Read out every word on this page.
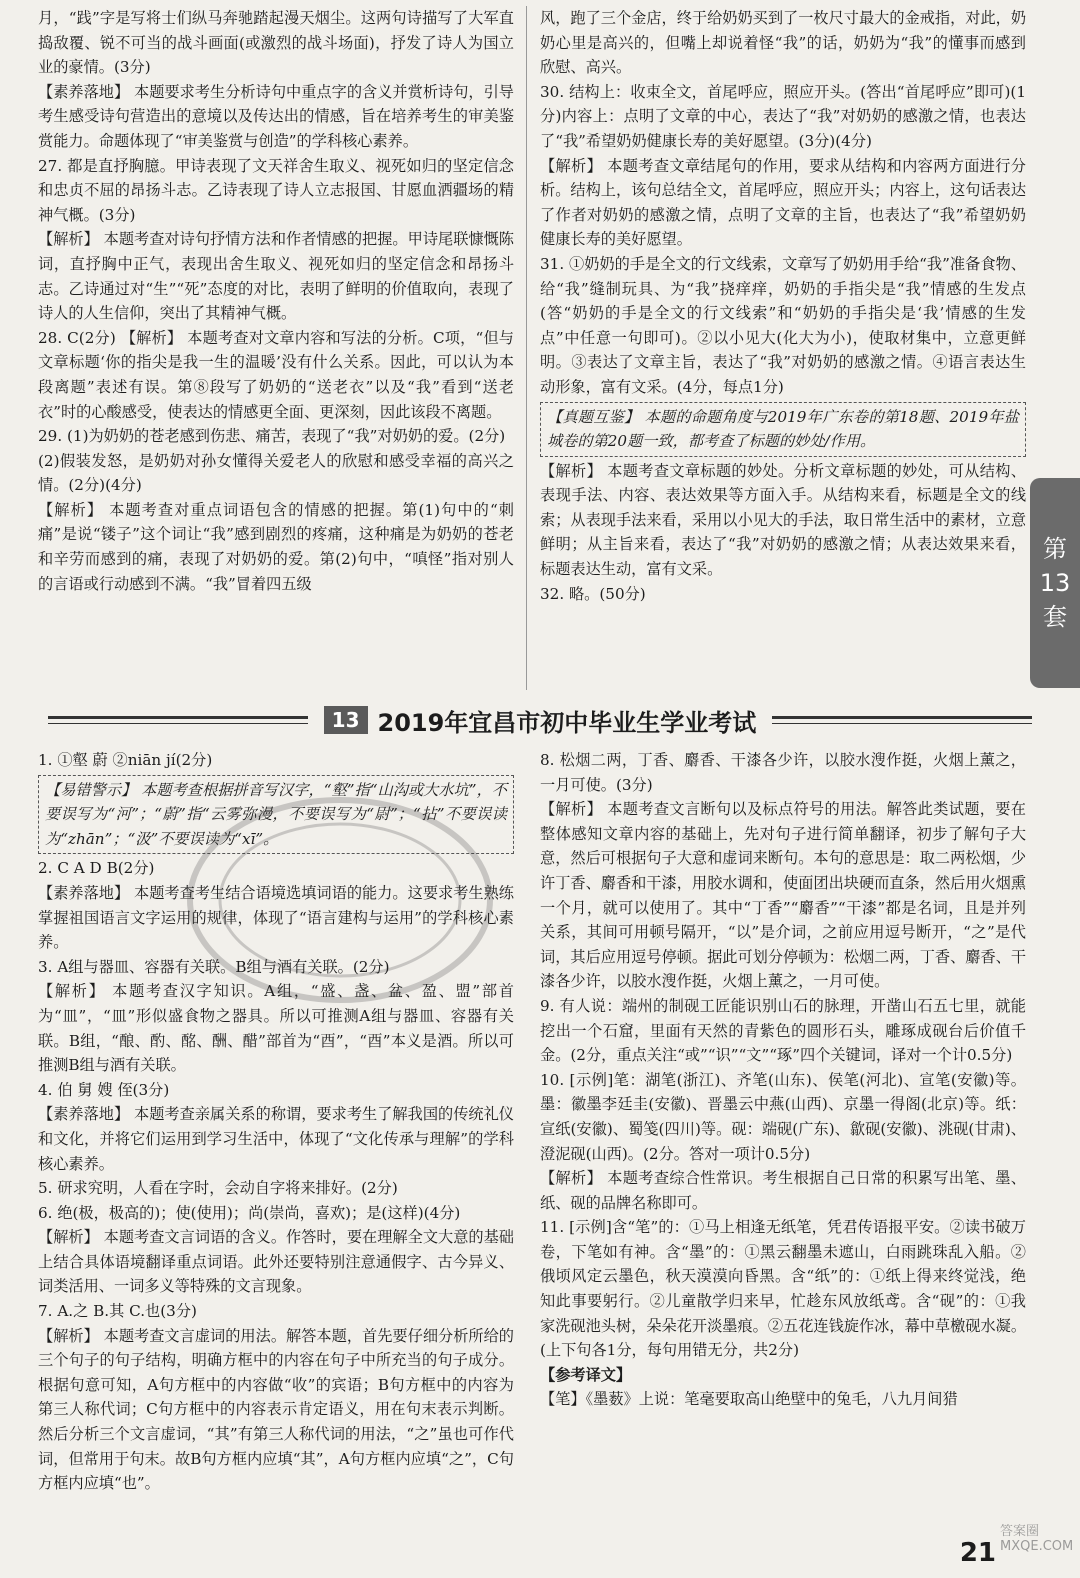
月，“践”字是写将士们纵马奔驰踏起漫天烟尘。这两句诗描写了大军直捣敌覆、锐不可当的战斗画面(或激烈的战斗场面)，抒发了诗人为国立业的豪情。(3分)

【素养落地】 本题要求考生分析诗句中重点字的含义并赏析诗句，引导考生感受诗句营造出的意境以及传达出的情感，旨在培养考生的审美鉴赏能力。命题体现了“审美鉴赏与创造”的学科核心素养。

27. 都是直抒胸臆。甲诗表现了文天祥舍生取义、视死如归的坚定信念和忠贞不屈的昂扬斗志。乙诗表现了诗人立志报国、甘愿血洒疆场的精神气概。(3分)

【解析】 本题考查对诗句抒情方法和作者情感的把握。甲诗尾联慷慨陈词，直抒胸中正气，表现出舍生取义、视死如归的坚定信念和昂扬斗志。乙诗通过对“生”“死”态度的对比，表明了鲜明的价值取向，表现了诗人的人生信仰，突出了其精神气概。

28. C(2分) 【解析】 本题考查对文章内容和写法的分析。C项，“但与文章标题‘你的指尖是我一生的温暖’没有什么关系。因此，可以认为本段离题”表述有误。第⑧段写了奶奶的“送老衣”以及“我”看到“送老衣”时的心酸感受，使表达的情感更全面、更深刻，因此该段不离题。

29. (1)为奶奶的苍老感到伤悲、痛苦，表现了“我”对奶奶的爱。(2分)

(2)假装发怒，是奶奶对孙女懂得关爱老人的欣慰和感受幸福的高兴之情。(2分)(4分)

【解析】 本题考查对重点词语包含的情感的把握。第(1)句中的“刺痛”是说“镂子”这个词让“我”感到剧烈的疼痛，这种痛是为奶奶的苍老和辛劳而感到的痛，表现了对奶奶的爱。第(2)句中，“嗔怪”指对别人的言语或行动感到不满。“我”冒着四五级

风，跑了三个金店，终于给奶奶买到了一枚尺寸最大的金戒指，对此，奶奶心里是高兴的，但嘴上却说着怪“我”的话，奶奶为“我”的懂事而感到欣慰、高兴。

30. 结构上：收束全文，首尾呼应，照应开头。(答出“首尾呼应”即可)(1分)内容上：点明了文章的中心，表达了“我”对奶奶的感激之情，也表达了“我”希望奶奶健康长寿的美好愿望。(3分)(4分)

【解析】 本题考查文章结尾句的作用，要求从结构和内容两方面进行分析。结构上，该句总结全文，首尾呼应，照应开头；内容上，这句话表达了作者对奶奶的感激之情，点明了文章的主旨，也表达了“我”希望奶奶健康长寿的美好愿望。

31. ①奶奶的手是全文的行文线索，文章写了奶奶用手给“我”准备食物、给“我”缝制玩具、为“我”挠痒痒，奶奶的手指尖是“我”情感的生发点(答“奶奶的手是全文的行文线索”和“奶奶的手指尖是‘我’情感的生发点”中任意一句即可)。②以小见大(化大为小)，使取材集中，立意更鲜明。③表达了文章主旨，表达了“我”对奶奶的感激之情。④语言表达生动形象，富有文采。(4分，每点1分)

【真题互鉴】 本题的命题角度与2019年广东卷的第18题、2019年盐城卷的第20题一致，都考查了标题的妙处/作用。

【解析】 本题考查文章标题的妙处。分析文章标题的妙处，可从结构、表现手法、内容、表达效果等方面入手。从结构来看，标题是全文的线索；从表现手法来看，采用以小见大的手法，取日常生活中的素材，立意鲜明；从主旨来看，表达了“我”对奶奶的感激之情；从表达效果来看，标题表达生动，富有文采。

32. 略。(50分)

13 2019年宜昌市初中毕业生学业考试

1. ①壑 蔚 ②niān jí(2分)

【易错警示】 本题考查根据拼音写汉字，“壑”指“山沟或大水坑”，不要误写为“河”；“蔚”指“云雾弥漫，不要误写为“尉”；“拈”不要误读为“zhān”；“汲”不要误读为“xī”。

2. C A D B(2分)

【素养落地】 本题考查考生结合语境选填词语的能力。这要求考生熟练掌握祖国语言文字运用的规律，体现了“语言建构与运用”的学科核心素养。

3. A组与器皿、容器有关联。B组与酒有关联。(2分)

【解析】 本题考查汉字知识。A组，“盛、盏、盆、盈、盟”部首为“皿”，“皿”形似盛食物之器具。所以可推测A组与器皿、容器有关联。B组，“酿、酌、酩、酬、醋”部首为“酉”，“酉”本义是酒。所以可推测B组与酒有关联。

4. 伯 舅 嫂 侄(3分)

【素养落地】 本题考查亲属关系的称谓，要求考生了解我国的传统礼仪和文化，并将它们运用到学习生活中，体现了“文化传承与理解”的学科核心素养。

5. 研求究明，人看在字时，会动自字将来排好。(2分)

6. 绝(极，极高的)；使(使用)；尚(崇尚，喜欢)；是(这样)(4分)

【解析】 本题考查文言词语的含义。作答时，要在理解全文大意的基础上结合具体语境翻译重点词语。此外还要特别注意通假字、古今异义、词类活用、一词多义等特殊的文言现象。

7. A.之 B.其 C.也(3分)

【解析】 本题考查文言虚词的用法。解答本题，首先要仔细分析所给的三个句子的句子结构，明确方框中的内容在句子中所充当的句子成分。根据句意可知，A句方框中的内容做“收”的宾语；B句方框中的内容为第三人称代词；C句方框中的内容表示肯定语义，用在句末表示判断。然后分析三个文言虚词，“其”有第三人称代词的用法，“之”虽也可作代词，但常用于句末。故B句方框内应填“其”，A句方框内应填“之”，C句方框内应填“也”。

8. 松烟二两，丁香、麝香、干漆各少许，以胶水溲作挺，火烟上薰之，一月可使。(3分)

【解析】 本题考查文言断句以及标点符号的用法。解答此类试题，要在整体感知文章内容的基础上，先对句子进行简单翻译，初步了解句子大意，然后可根据句子大意和虚词来断句。本句的意思是：取二两松烟，少许丁香、麝香和干漆，用胶水调和，使面团出块硬而直条，然后用火烟熏一个月，就可以使用了。其中“丁香”“麝香”“干漆”都是名词，且是并列关系，其间可用顿号隔开，“以”是介词，之前应用逗号断开，“之”是代词，其后应用逗号停顿。据此可划分停顿为：松烟二两，丁香、麝香、干漆各少许，以胶水溲作挺，火烟上薰之，一月可使。

9. 有人说：端州的制砚工匠能识别山石的脉理，开凿山石五七里，就能挖出一个石窟，里面有天然的青紫色的圆形石头，雕琢成砚台后价值千金。(2分，重点关注“或”“识”“文”“琢”四个关键词，译对一个计0.5分)

10. [示例]笔：湖笔(浙江)、齐笔(山东)、侯笔(河北)、宣笔(安徽)等。墨：徽墨李廷圭(安徽)、晋墨云中燕(山西)、京墨一得阁(北京)等。纸：宣纸(安徽)、蜀笺(四川)等。砚：端砚(广东)、歙砚(安徽)、洮砚(甘肃)、澄泥砚(山西)。(2分。答对一项计0.5分)

【解析】 本题考查综合性常识。考生根据自己日常的积累写出笔、墨、纸、砚的品牌名称即可。

11. [示例]含“笔”的：①马上相逢无纸笔，凭君传语报平安。②读书破万卷，下笔如有神。含“墨”的：①黑云翻墨未遮山，白雨跳珠乱入船。②俄顷风定云墨色，秋天漠漠向昏黑。含“纸”的：①纸上得来终觉浅，绝知此事要躬行。②儿童散学归来早，忙趁东风放纸鸢。含“砚”的：①我家洗砚池头树，朵朵花开淡墨痕。②五花连钱旋作冰，幕中草檄砚水凝。(上下句各1分，每句用错无分，共2分)

【参考译文】

【笔】《墨薮》上说：笔毫要取高山绝壁中的兔毛，八九月间猎

第
13
套
21
答案圈 MXQE.COM
